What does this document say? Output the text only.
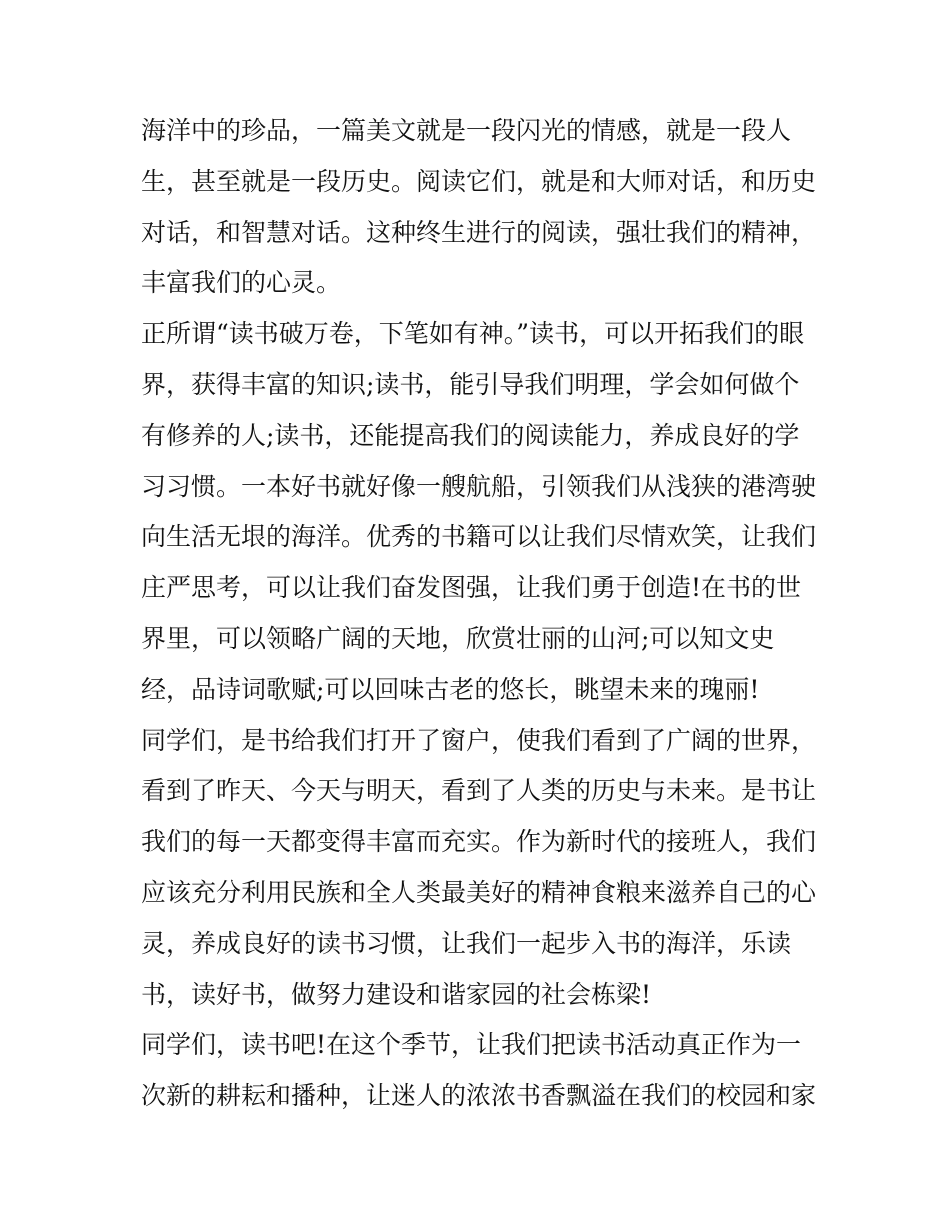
海洋中的珍品，一篇美文就是一段闪光的情感，就是一段人
生，甚至就是一段历史。阅读它们，就是和大师对话，和历史
对话，和智慧对话。这种终生进行的阅读，强壮我们的精神，
丰富我们的心灵。
正所谓“读书破万卷，下笔如有神。”读书，可以开拓我们的眼
界，获得丰富的知识;读书，能引导我们明理，学会如何做个
有修养的人;读书，还能提高我们的阅读能力，养成良好的学
习习惯。一本好书就好像一艘航船，引领我们从浅狭的港湾驶
向生活无垠的海洋。优秀的书籍可以让我们尽情欢笑，让我们
庄严思考，可以让我们奋发图强，让我们勇于创造!在书的世
界里，可以领略广阔的天地，欣赏壮丽的山河;可以知文史
经，品诗词歌赋;可以回味古老的悠长，眺望未来的瑰丽!
同学们，是书给我们打开了窗户，使我们看到了广阔的世界，
看到了昨天、今天与明天，看到了人类的历史与未来。是书让
我们的每一天都变得丰富而充实。作为新时代的接班人，我们
应该充分利用民族和全人类最美好的精神食粮来滋养自己的心
灵，养成良好的读书习惯，让我们一起步入书的海洋，乐读
书，读好书，做努力建设和谐家园的社会栋梁!
同学们，读书吧!在这个季节，让我们把读书活动真正作为一
次新的耕耘和播种，让迷人的浓浓书香飘溢在我们的校园和家
